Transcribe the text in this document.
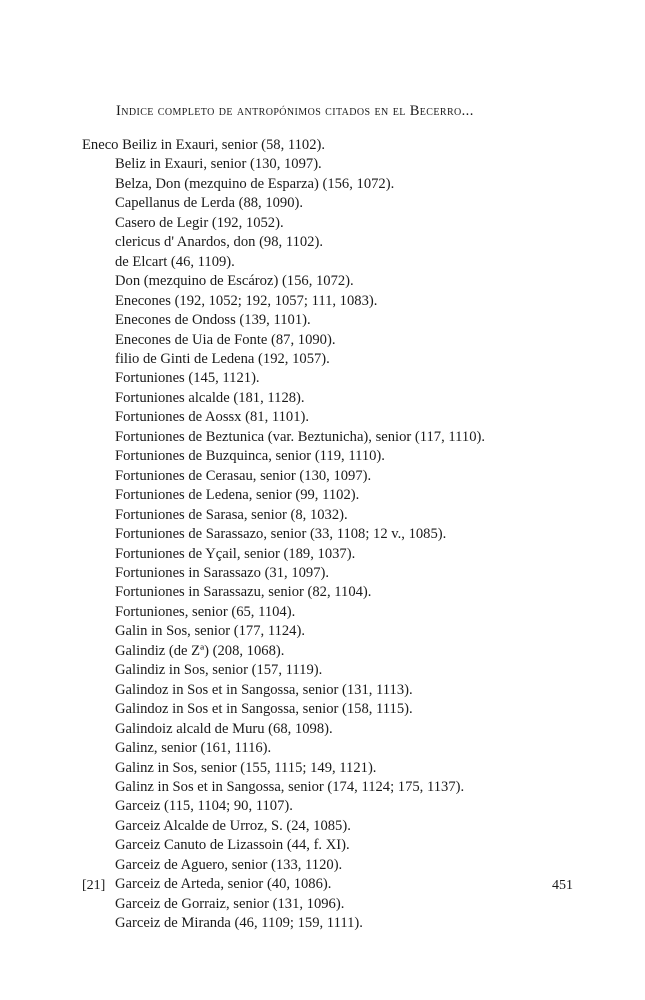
Indice completo de antropónimos citados en el Becerro...
Eneco Beiliz in Exauri, senior (58, 1102).
Beliz in Exauri, senior (130, 1097).
Belza, Don (mezquino de Esparza) (156, 1072).
Capellanus de Lerda (88, 1090).
Casero de Legir (192, 1052).
clericus d' Anardos, don (98, 1102).
de Elcart (46, 1109).
Don (mezquino de Escároz) (156, 1072).
Enecones (192, 1052; 192, 1057; 111, 1083).
Enecones de Ondoss (139, 1101).
Enecones de Uia de Fonte (87, 1090).
filio de Ginti de Ledena (192, 1057).
Fortuniones (145, 1121).
Fortuniones alcalde (181, 1128).
Fortuniones de Aossx (81, 1101).
Fortuniones de Beztunica (var. Beztunicha), senior (117, 1110).
Fortuniones de Buzquinca, senior (119, 1110).
Fortuniones de Cerasau, senior (130, 1097).
Fortuniones de Ledena, senior (99, 1102).
Fortuniones de Sarasa, senior (8, 1032).
Fortuniones de Sarassazo, senior (33, 1108; 12 v., 1085).
Fortuniones de Yçail, senior (189, 1037).
Fortuniones in Sarassazo (31, 1097).
Fortuniones in Sarassazu, senior (82, 1104).
Fortuniones, senior (65, 1104).
Galin in Sos, senior (177, 1124).
Galindiz (de Zª) (208, 1068).
Galindiz in Sos, senior (157, 1119).
Galindoz in Sos et in Sangossa, senior (131, 1113).
Galindoz in Sos et in Sangossa, senior (158, 1115).
Galindoiz alcald de Muru (68, 1098).
Galinz, senior (161, 1116).
Galinz in Sos, senior (155, 1115; 149, 1121).
Galinz in Sos et in Sangossa, senior (174, 1124; 175, 1137).
Garceiz (115, 1104; 90, 1107).
Garceiz Alcalde de Urroz, S. (24, 1085).
Garceiz Canuto de Lizassoin (44, f. XI).
Garceiz de Aguero, senior (133, 1120).
Garceiz de Arteda, senior (40, 1086).
Garceiz de Gorraiz, senior (131, 1096).
Garceiz de Miranda (46, 1109; 159, 1111).
[21]	451
